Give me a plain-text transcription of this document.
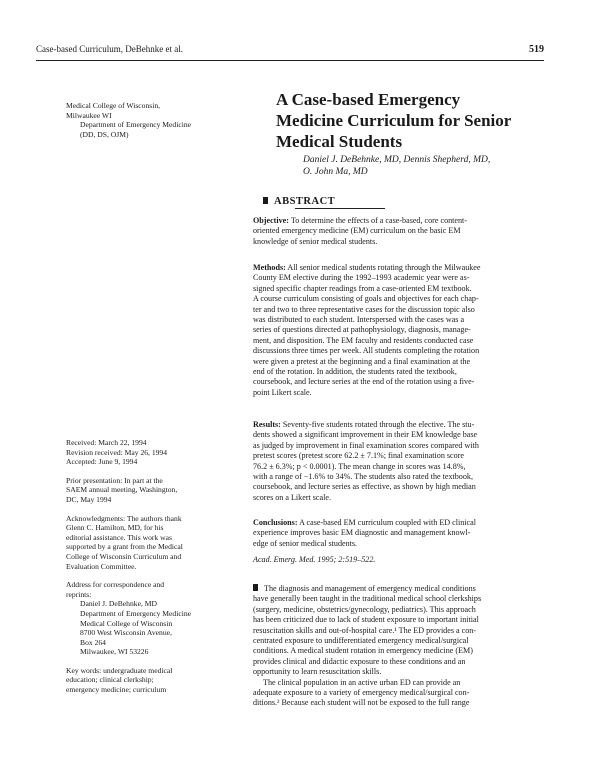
Case-based Curriculum, DeBehnke et al.	519
Medical College of Wisconsin,
Milwaukee WI
Department of Emergency Medicine
(DD, DS, OJM)
Received: March 22, 1994
Revision received: May 26, 1994
Accepted: June 9, 1994
Prior presentation: In part at the
SAEM annual meeting, Washington,
DC, May 1994
Acknowledgments: The authors thank
Glenn C. Hamilton, MD, for his
editorial assistance. This work was
supported by a grant from the Medical
College of Wisconsin Curriculum and
Evaluation Committee.
Address for correspondence and
reprints:
Daniel J. DeBehnke, MD
Department of Emergency Medicine
Medical College of Wisconsin
8700 West Wisconsin Avenue,
Box 264
Milwaukee, WI 53226
Key words: undergraduate medical
education; clinical clerkship;
emergency medicine; curriculum
A Case-based Emergency
Medicine Curriculum for Senior
Medical Students
Daniel J. DeBehnke, MD, Dennis Shepherd, MD,
O. John Ma, MD
ABSTRACT
Objective: To determine the effects of a case-based, core content-
oriented emergency medicine (EM) curriculum on the basic EM
knowledge of senior medical students.
Methods: All senior medical students rotating through the Milwaukee
County EM elective during the 1992–1993 academic year were as-
signed specific chapter readings from a case-oriented EM textbook.
A course curriculum consisting of goals and objectives for each chap-
ter and two to three representative cases for the discussion topic also
was distributed to each student. Interspersed with the cases was a
series of questions directed at pathophysiology, diagnosis, manage-
ment, and disposition. The EM faculty and residents conducted case
discussions three times per week. All students completing the rotation
were given a pretest at the beginning and a final examination at the
end of the rotation. In addition, the students rated the textbook,
coursebook, and lecture series at the end of the rotation using a five-
point Likert scale.
Results: Seventy-five students rotated through the elective. The stu-
dents showed a significant improvement in their EM knowledge base
as judged by improvement in final examination scores compared with
pretest scores (pretest score 62.2 ± 7.1%; final examination score
76.2 ± 6.3%; p < 0.0001). The mean change in scores was 14.8%,
with a range of −1.6% to 34%. The students also rated the textbook,
coursebook, and lecture series as effective, as shown by high median
scores on a Likert scale.
Conclusions: A case-based EM curriculum coupled with ED clinical
experience improves basic EM diagnostic and management knowl-
edge of senior medical students.
Acad. Emerg. Med. 1995; 2:519–522.
The diagnosis and management of emergency medical conditions
have generally been taught in the traditional medical school clerkships
(surgery, medicine, obstetrics/gynecology, pediatrics). This approach
has been criticized due to lack of student exposure to important initial
resuscitation skills and out-of-hospital care.¹ The ED provides a con-
centrated exposure to undifferentiated emergency medical/surgical
conditions. A medical student rotation in emergency medicine (EM)
provides clinical and didactic exposure to these conditions and an
opportunity to learn resuscitation skills.
The clinical population in an active urban ED can provide an
adequate exposure to a variety of emergency medical/surgical con-
ditions.² Because each student will not be exposed to the full range
